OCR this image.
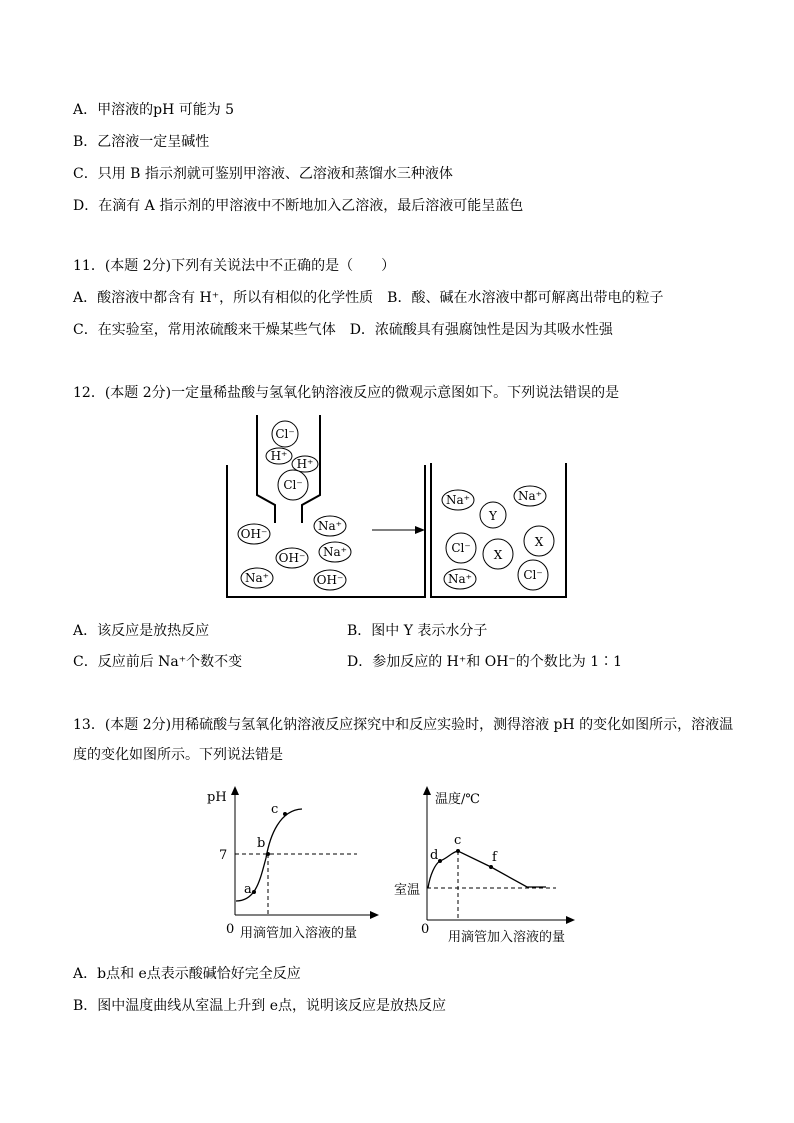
A．甲溶液的pH 可能为 5
B．乙溶液一定呈碱性
C．只用 B 指示剂就可鉴别甲溶液、乙溶液和蒸馏水三种液体
D．在滴有 A 指示剂的甲溶液中不断地加入乙溶液，最后溶液可能呈蓝色
11．(本题 2分)下列有关说法中不正确的是（　　）
A．酸溶液中都含有 H⁺，所以有相似的化学性质　B．酸、碱在水溶液中都可解离出带电的粒子
C．在实验室，常用浓硫酸来干燥某些气体　D．浓硫酸具有强腐蚀性是因为其吸水性强
12．(本题 2分)一定量稀盐酸与氢氧化钠溶液反应的微观示意图如下。下列说法错误的是
Cl⁻
H⁺
H⁺
Cl⁻
OH⁻
Na⁺
OH⁻ Na⁺
Na⁺	OH⁻
Na⁺	Na⁺
Y
Cl⁻ X
X
Na⁺	Cl⁻
A．该反应是放热反应	B．图中 Y 表示水分子
C．反应前后 Na⁺个数不变	D．参加反应的 H⁺和 OH⁻的个数比为 1∶1
13．(本题 2分)用稀硫酸与氢氧化钠溶液反应探究中和反应实验时，测得溶液 pH 的变化如图所示，溶液温
度的变化如图所示。下列说法错是
pH
7
0
a
b
c
用滴管加入溶液的量
温度/℃
室温
0
d
c
f
用滴管加入溶液的量
A．b点和 e点表示酸碱恰好完全反应
B．图中温度曲线从室温上升到 e点，说明该反应是放热反应
